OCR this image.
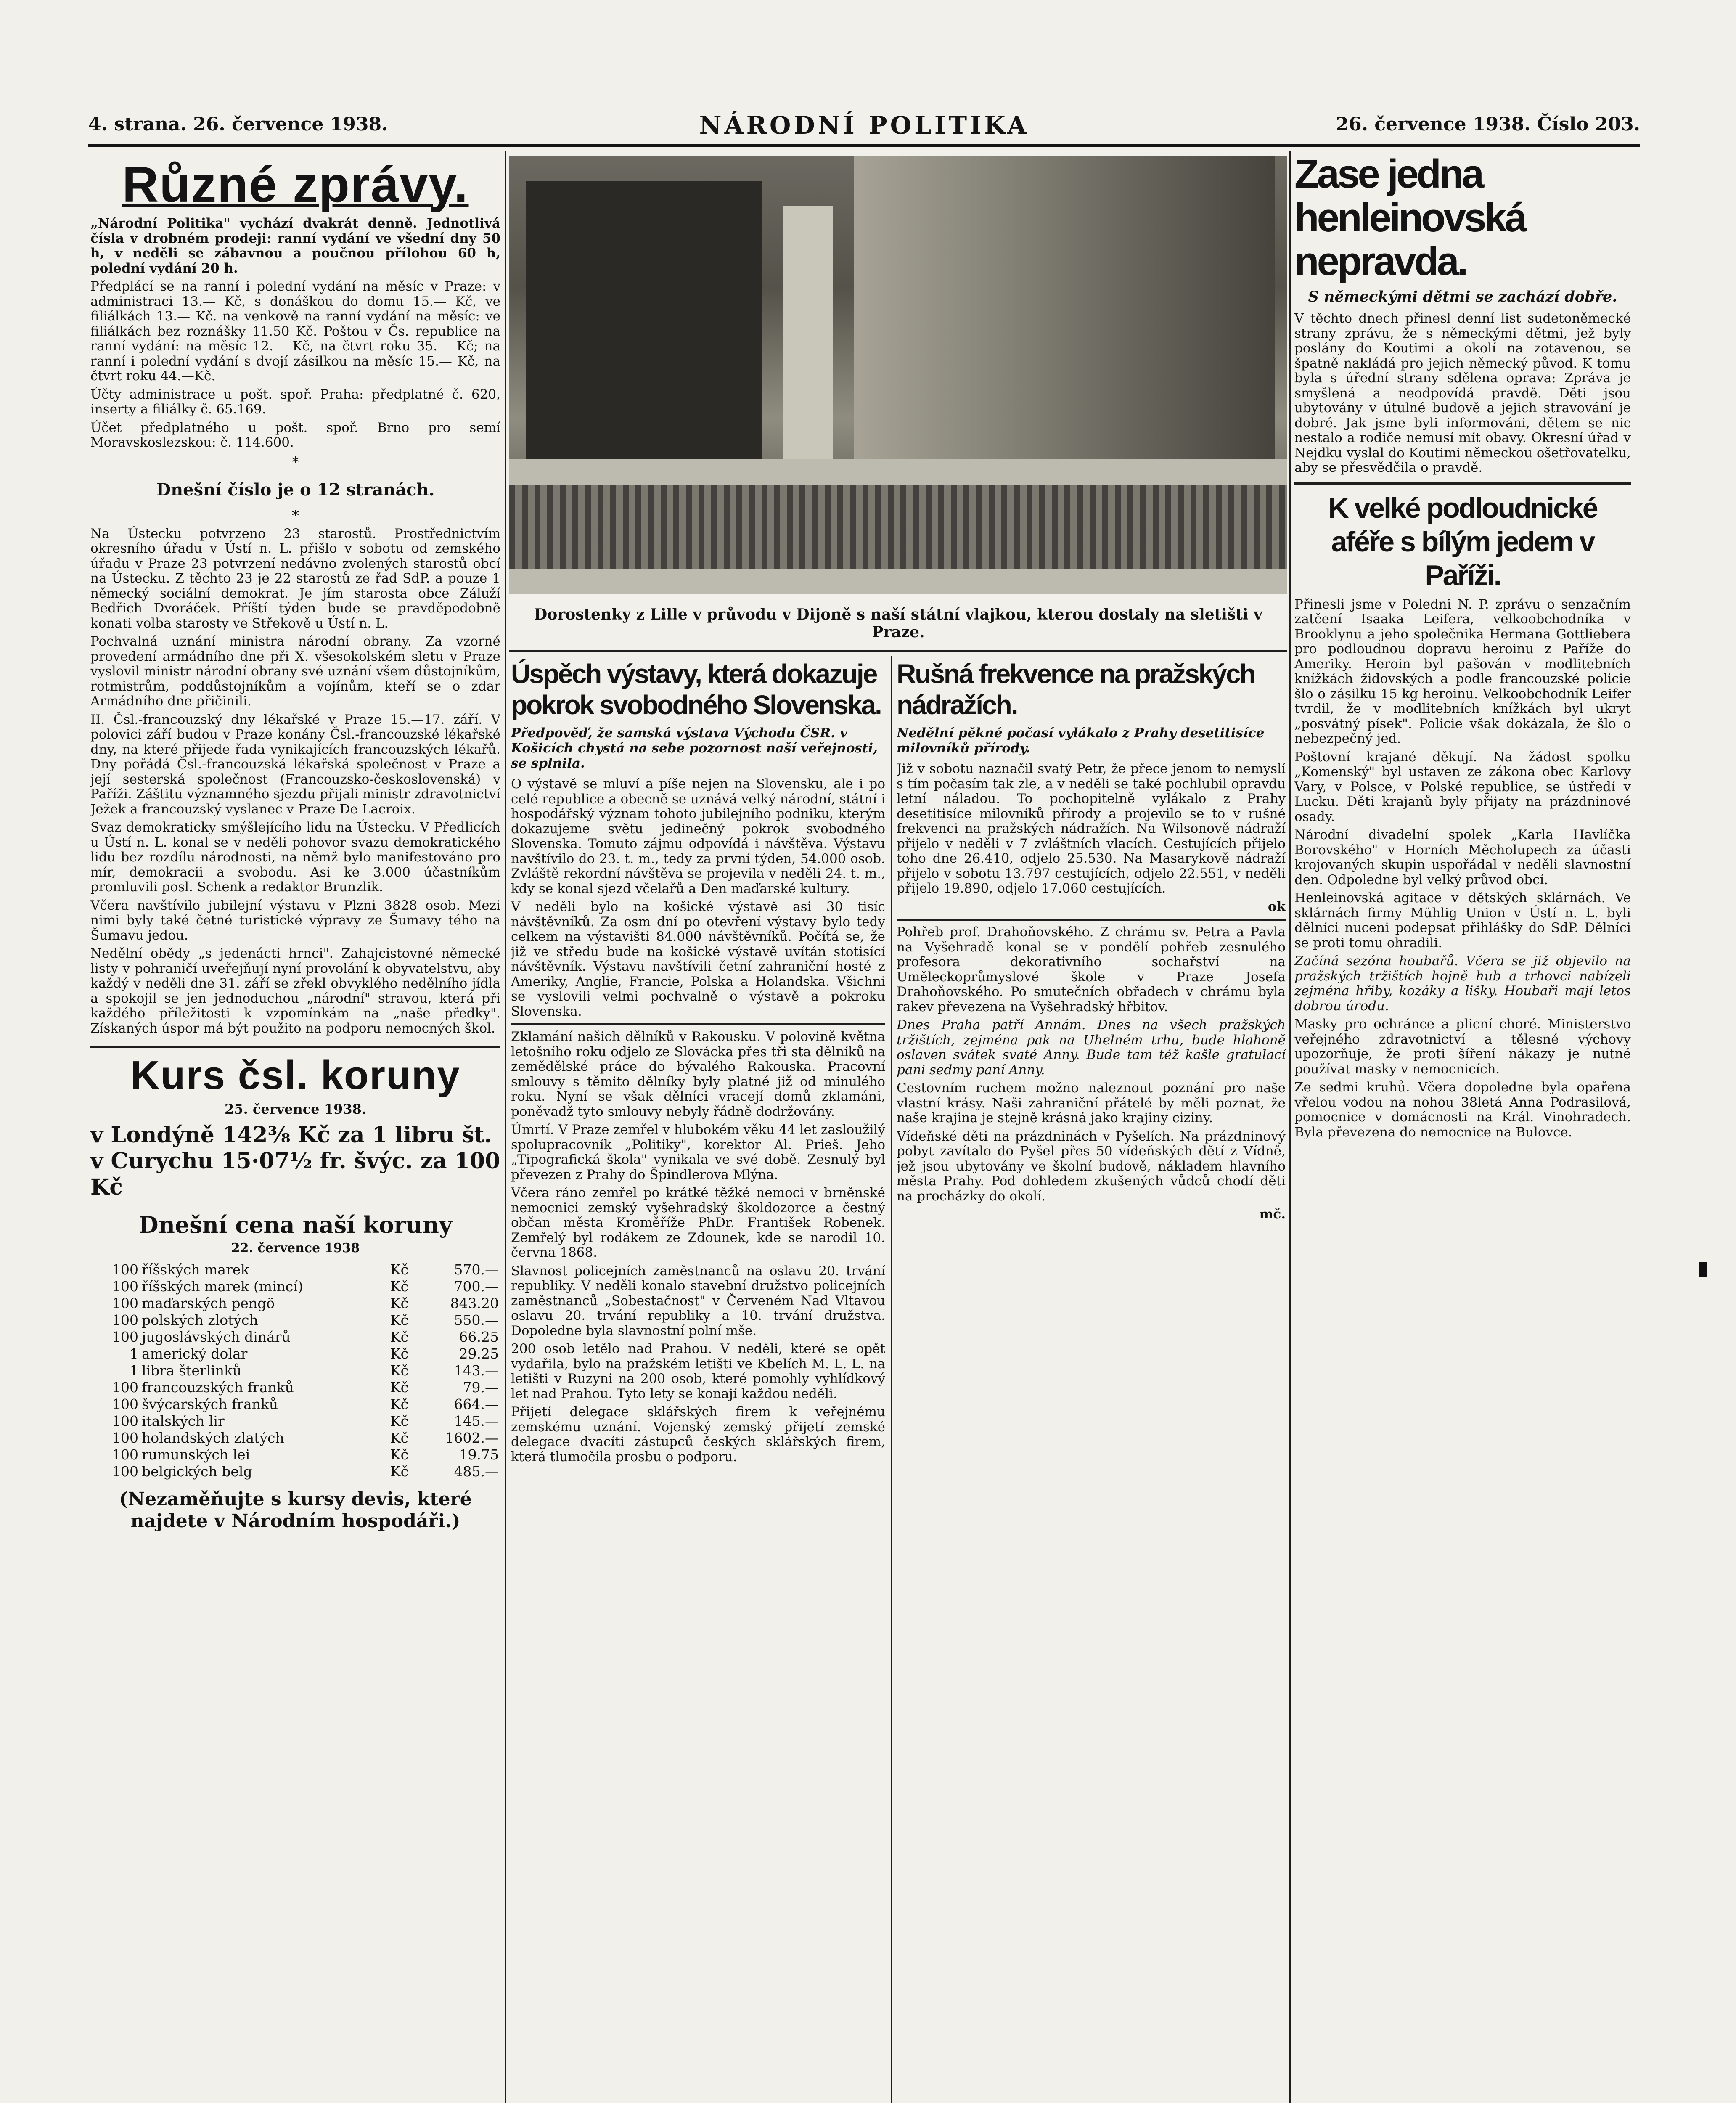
4. strana. 26. července 1938.	NÁRODNÍ POLITIKA	26. července 1938. Číslo 203.
Různé zprávy.

„Národní Politika" vychází dvakrát denně. Jednotlivá čísla v drobném prodeji: ranní vydání ve všední dny 50 h, v neděli se zábavnou a poučnou přílohou 60 h, polední vydání 20 h.

Předplácí se na ranní i polední vydání na měsíc v Praze: v administraci 13.— Kč, s donáškou do domu 15.— Kč, ve filiálkách 13.— Kč. na venkově na ranní vydání na měsíc: ve filiálkách bez roznášky 11.50 Kč. Poštou v Čs. republice na ranní vydání: na měsíc 12.— Kč, na čtvrt roku 35.— Kč; na ranní i polední vydání s dvojí zásilkou na měsíc 15.— Kč, na čtvrt roku 44.—Kč.

Účty administrace u pošt. spoř. Praha: předplatné č. 620, inserty a filiálky č. 65.169.

Účet předplatného u pošt. spoř. Brno pro semí Moravskoslezskou: č. 114.600.

*
Dnešní číslo je o 12 stranách.
*

Na Ústecku potvrzeno 23 starostů. Prostřednictvím okresního úřadu v Ústí n. L. přišlo v sobotu od zemského úřadu v Praze 23 potvrzení nedávno zvolených starostů obcí na Ústecku. Z těchto 23 je 22 starostů ze řad SdP. a pouze 1 německý sociální demokrat. Je jím starosta obce Záluží Bedřich Dvoráček. Příští týden bude se pravděpodobně konati volba starosty ve Střekově u Ústí n. L.

Pochvalná uznání ministra národní obrany. Za vzorné provedení armádního dne při X. všesokolském sletu v Praze vyslovil ministr národní obrany své uznání všem důstojníkům, rotmistrům, poddůstojníkům a vojínům, kteří se o zdar Armádního dne přičinili.

II. Čsl.-francouzský dny lékařské v Praze 15.—17. září. V polovici září budou v Praze konány Čsl.-francouzské lékařské dny, na které přijede řada vynikajících francouzských lékařů. Dny pořádá Čsl.-francouzská lékařská společnost v Praze a její sesterská společnost (Francouzsko-československá) v Paříži. Záštitu významného sjezdu přijali ministr zdravotnictví Ježek a francouzský vyslanec v Praze De Lacroix.

Svaz demokraticky smýšlejícího lidu na Ústecku. V Předlicích u Ústí n. L. konal se v neděli pohovor svazu demokratického lidu bez rozdílu národnosti, na němž bylo manifestováno pro mír, demokracii a svobodu. Asi ke 3.000 účastníkům promluvili posl. Schenk a redaktor Brunzlik.

Včera navštívilo jubilejní výstavu v Plzni 3828 osob. Mezi nimi byly také četné turistické výpravy ze Šumavy tého na Šumavu jedou.

Nedělní obědy „s jedenácti hrnci". Zahajcistovné německé listy v pohraničí uveřejňují nyní provolání k obyvatelstvu, aby každý v neděli dne 31. září se zřekl obvyklého nedělního jídla a spokojil se jen jednoduchou „národní" stravou, která při každého příležitosti k vzpomínkám na „naše předky". Získaných úspor má být použito na podporu nemocných škol.

Kurs čsl. koruny
25. července 1938.

v Londýně 142⅜ Kč za 1 libru št.

v Curychu 15·07½ fr. švýc. za 100 Kč

Dnešní cena naší koruny
22. července 1938
100	říšských marek	Kč	570.—
100	říšských marek (mincí)	Kč	700.—
100	maďarských pengö	Kč	843.20
100	polských zlotých	Kč	550.—
100	jugoslávských dinárů	Kč	66.25
1	americký dolar	Kč	29.25
1	libra šterlinků	Kč	143.—
100	francouzských franků	Kč	79.—
100	švýcarských franků	Kč	664.—
100	italských lir	Kč	145.—
100	holandských zlatých	Kč	1602.—
100	rumunských lei	Kč	19.75
100	belgických belg	Kč	485.—
(Nezaměňujte s kursy devis, které najdete v Národním hospodáři.)
Dorostenky z Lille v průvodu v Dijoně s naší státní vlajkou, kterou dostaly na sletišti v Praze.
Úspěch výstavy, která dokazuje pokrok svobodného Slovenska.

Předpověď, že samská výstava Východu ČSR. v Košicích chystá na sebe pozornost naší veřejnosti, se splnila.

O výstavě se mluví a píše nejen na Slovensku, ale i po celé republice a obecně se uznává velký národní, státní i hospodářský význam tohoto jubilejního podniku, kterým dokazujeme světu jedinečný pokrok svobodného Slovenska. Tomuto zájmu odpovídá i návštěva. Výstavu navštívilo do 23. t. m., tedy za první týden, 54.000 osob. Zvláště rekordní návštěva se projevila v neděli 24. t. m., kdy se konal sjezd včelařů a Den maďarské kultury.

V neděli bylo na košické výstavě asi 30 tisíc návštěvníků. Za osm dní po otevření výstavy bylo tedy celkem na výstavišti 84.000 návštěvníků. Počítá se, že již ve středu bude na košické výstavě uvítán stotisící návštěvník. Výstavu navštívili četní zahraniční hosté z Ameriky, Anglie, Francie, Polska a Holandska. Všichni se vyslovili velmi pochvalně o výstavě a pokroku Slovenska.

Zklamání našich dělníků v Rakousku. V polovině května letošního roku odjelo ze Slovácka přes tři sta dělníků na zemědělské práce do bývalého Rakouska. Pracovní smlouvy s těmito dělníky byly platné již od minulého roku. Nyní se však dělníci vracejí domů zklamáni, poněvadž tyto smlouvy nebyly řádně dodržovány.

Úmrtí. V Praze zemřel v hlubokém věku 44 let zasloužilý spolupracovník „Politiky", korektor Al. Prieš. Jeho „Tipografická škola" vynikala ve své době. Zesnulý byl převezen z Prahy do Špindlerova Mlýna.

Včera ráno zemřel po krátké těžké nemoci v brněnské nemocnici zemský vyšehradský školdozorce a čestný občan města Kroměříže PhDr. František Robenek. Zemřelý byl rodákem ze Zdounek, kde se narodil 10. června 1868.

Slavnost policejních zaměstnanců na oslavu 20. trvání republiky. V neděli konalo stavební družstvo policejních zaměstnanců „Sobestačnost" v Červeném Nad Vltavou oslavu 20. trvání republiky a 10. trvání družstva. Dopoledne byla slavnostní polní mše.

200 osob letělo nad Prahou. V neděli, které se opět vydařila, bylo na pražském letišti ve Kbelích M. L. L. na letišti v Ruzyni na 200 osob, které pomohly vyhlídkový let nad Prahou. Tyto lety se konají každou neděli.

Přijetí delegace sklářských firem k veřejnému zemskému uznání. Vojenský zemský přijetí zemské delegace dvacíti zástupců českých sklářských firem, která tlumočila prosbu o podporu.

Rušná frekvence na pražských nádražích.

Nedělní pěkné počasí vylákalo z Prahy desetitisíce milovníků přírody.

Již v sobotu naznačil svatý Petr, že přece jenom to nemyslí s tím počasím tak zle, a v neděli se také pochlubil opravdu letní náladou. To pochopitelně vylákalo z Prahy desetitisíce milovníků přírody a projevilo se to v rušné frekvenci na pražských nádražích. Na Wilsonově nádraží přijelo v neděli v 7 zvláštních vlacích. Cestujících přijelo toho dne 26.410, odjelo 25.530. Na Masarykově nádraží přijelo v sobotu 13.797 cestujících, odjelo 22.551, v neděli přijelo 19.890, odjelo 17.060 cestujících.

ok

Pohřeb prof. Drahoňovského. Z chrámu sv. Petra a Pavla na Vyšehradě konal se v pondělí pohřeb zesnulého profesora dekorativního sochařství na Uměleckoprůmyslové škole v Praze Josefa Drahoňovského. Po smutečních obřadech v chrámu byla rakev převezena na Vyšehradský hřbitov.

Dnes Praha patří Annám. Dnes na všech pražských tržištích, zejména pak na Uhelném trhu, bude hlahoně oslaven svátek svaté Anny. Bude tam též kašle gratulací pani sedmy paní Anny.

Cestovním ruchem možno naleznout poznání pro naše vlastní krásy. Naši zahraniční přátelé by měli poznat, že naše krajina je stejně krásná jako krajiny ciziny.

Vídeňské děti na prázdninách v Pyšelích. Na prázdninový pobyt zavítalo do Pyšel přes 50 vídeňských dětí z Vídně, jež jsou ubytovány ve školní budově, nákladem hlavního města Prahy. Pod dohledem zkušených vůdců chodí děti na procházky do okolí.

mč.

Zase jedna henleinovská nepravda.

S německými dětmi se zachází dobře.

V těchto dnech přinesl denní list sudetoněmecké strany zprávu, že s německými dětmi, jež byly poslány do Koutimi a okolí na zotavenou, se špatně nakládá pro jejich německý původ. K tomu byla s úřední strany sdělena oprava: Zpráva je smyšlená a neodpovídá pravdě. Děti jsou ubytovány v útulné budově a jejich stravování je dobré. Jak jsme byli informováni, dětem se nic nestalo a rodiče nemusí mít obavy. Okresní úřad v Nejdku vyslal do Koutimi německou ošetřovatelku, aby se přesvědčila o pravdě.

K velké podloudnické aféře s bílým jedem v Paříži.

Přinesli jsme v Poledni N. P. zprávu o senzačním zatčení Isaaka Leifera, velkoobchodníka v Brooklynu a jeho společnika Hermana Gottliebera pro podloudnou dopravu heroinu z Paříže do Ameriky. Heroin byl pašován v modlitebních knížkách židovských a podle francouzské policie šlo o zásilku 15 kg heroinu. Velkoobchodník Leifer tvrdil, že v modlitebních knížkách byl ukryt „posvátný písek". Policie však dokázala, že šlo o nebezpečný jed.

Poštovní krajané děkují. Na žádost spolku „Komenský" byl ustaven ze zákona obec Karlovy Vary, v Polsce, v Polské republice, se ústředí v Lucku. Děti krajanů byly přijaty na prázdninové osady.

Národní divadelní spolek „Karla Havlíčka Borovského" v Horních Měcholupech za účasti krojovaných skupin uspořádal v neděli slavnostní den. Odpoledne byl velký průvod obcí.

Henleinovská agitace v dětských sklárnách. Ve sklárnách firmy Mühlig Union v Ústí n. L. byli dělníci nuceni podepsat přihlášky do SdP. Dělníci se proti tomu ohradili.

Začíná sezóna houbařů. Včera se již objevilo na pražských tržištích hojně hub a trhovci nabízeli zejména hřiby, kozáky a lišky. Houbaři mají letos dobrou úrodu.

Masky pro ochránce a plicní choré. Ministerstvo veřejného zdravotnictví a tělesné výchovy upozorňuje, že proti šíření nákazy je nutné používat masky v nemocnicích.

Ze sedmi kruhů. Včera dopoledne byla opařena vřelou vodou na nohou 38letá Anna Podrasilová, pomocnice v domácnosti na Král. Vinohradech. Byla převezena do nemocnice na Bulovce.
